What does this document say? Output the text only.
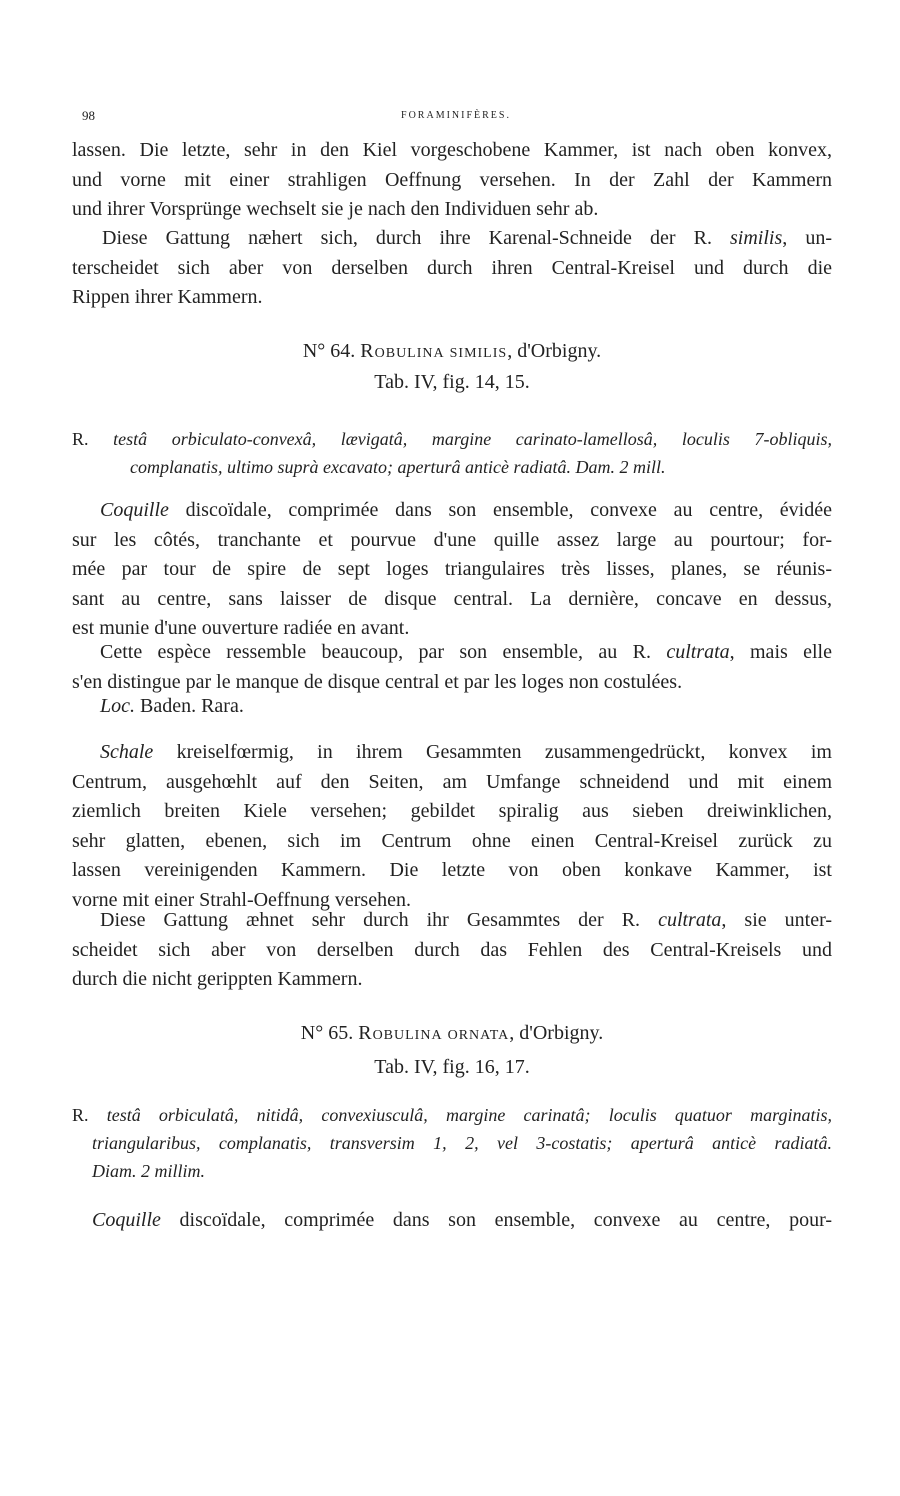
98	FORAMINIFÈRES.
lassen. Die letzte, sehr in den Kiel vorgeschobene Kammer, ist nach oben konvex,
und vorne mit einer strahligen Oeffnung versehen. In der Zahl der Kammern
und ihrer Vorsprünge wechselt sie je nach den Individuen sehr ab.
Diese Gattung næhert sich, durch ihre Karenal-Schneide der R. similis, un-
terscheidet sich aber von derselben durch ihren Central-Kreisel und durch die
Rippen ihrer Kammern.
N° 64. Robulina similis, d'Orbigny.
Tab. IV, fig. 14, 15.
R. testâ orbiculato-convexâ, lævigatâ, margine carinato-lamellosâ, loculis 7-obliquis,
complanatis, ultimo suprà excavato; aperturâ anticè radiatâ. Dam. 2 mill.
Coquille discoïdale, comprimée dans son ensemble, convexe au centre, évidée
sur les côtés, tranchante et pourvue d'une quille assez large au pourtour; for-
mée par tour de spire de sept loges triangulaires très lisses, planes, se réunis-
sant au centre, sans laisser de disque central. La dernière, concave en dessus,
est munie d'une ouverture radiée en avant.
Cette espèce ressemble beaucoup, par son ensemble, au R. cultrata, mais elle
s'en distingue par le manque de disque central et par les loges non costulées.
Loc. Baden. Rara.
Schale kreiselfœrmig, in ihrem Gesammten zusammengedrückt, konvex im
Centrum, ausgehœhlt auf den Seiten, am Umfange schneidend und mit einem
ziemlich breiten Kiele versehen; gebildet spiralig aus sieben dreiwinklichen,
sehr glatten, ebenen, sich im Centrum ohne einen Central-Kreisel zurück zu
lassen vereinigenden Kammern. Die letzte von oben konkave Kammer, ist
vorne mit einer Strahl-Oeffnung versehen.
Diese Gattung æhnet sehr durch ihr Gesammtes der R. cultrata, sie unter-
scheidet sich aber von derselben durch das Fehlen des Central-Kreisels und
durch die nicht gerippten Kammern.
N° 65. Robulina ornata, d'Orbigny.
Tab. IV, fig. 16, 17.
R. testâ orbiculatâ, nitidâ, convexiusculâ, margine carinatâ; loculis quatuor marginatis,
triangularibus, complanatis, transversim 1, 2, vel 3-costatis; aperturâ anticè radiatâ.
Diam. 2 millim.
Coquille discoïdale, comprimée dans son ensemble, convexe au centre, pour-
